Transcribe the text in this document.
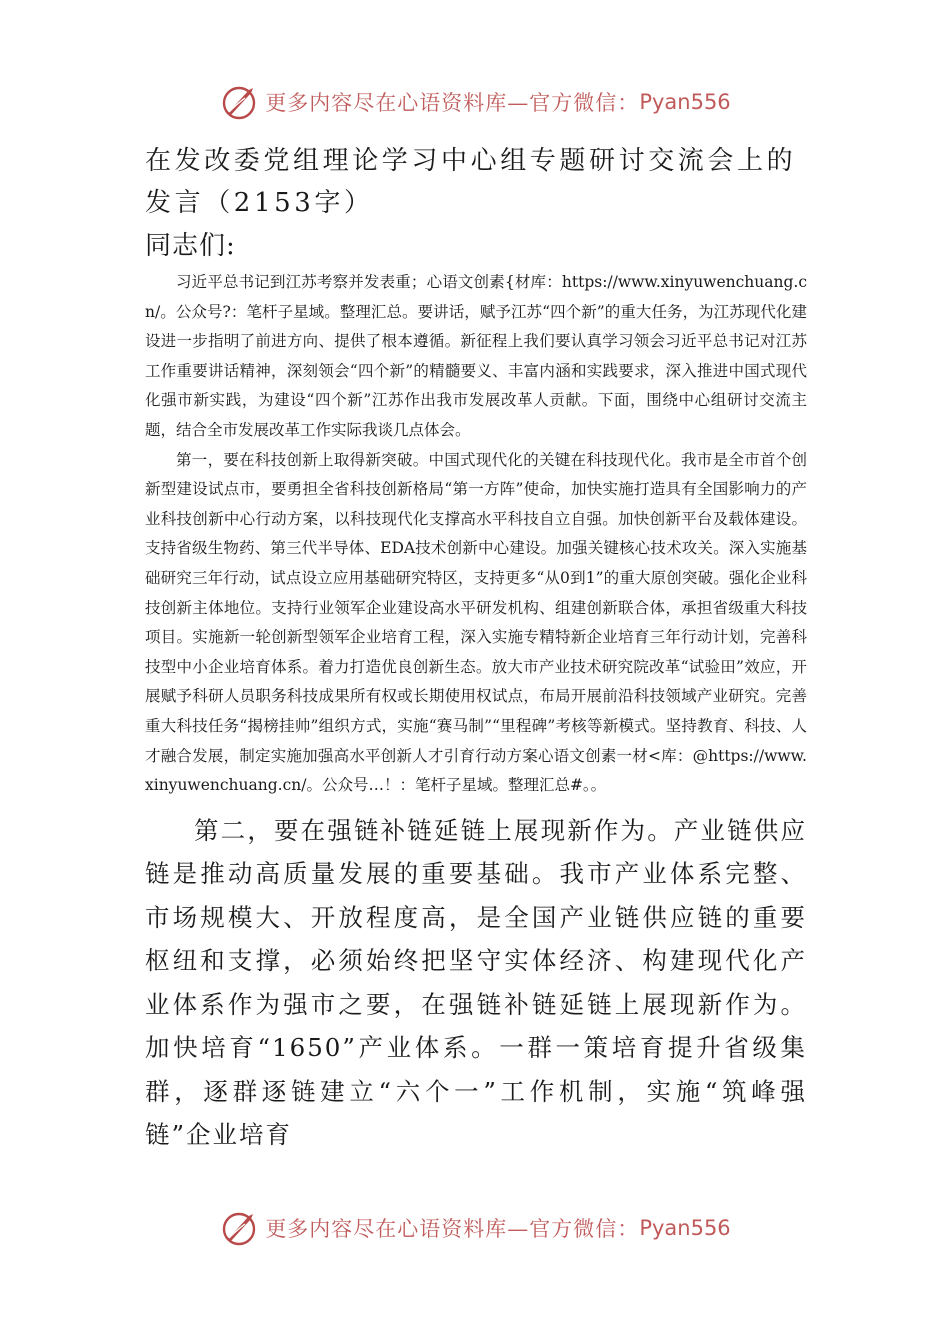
更多内容尽在心语资料库—官方微信： Pyan556
在发改委党组理论学习中心组专题研讨交流会上的发言（2153字）

同志们:

习近平总书记到江苏考察并发表重；心语文创素{材库：https://www.xinyuwenchuang.cn/。公众号?：笔杆子星域。整理汇总。要讲话，赋予江苏“四个新”的重大任务，为江苏现代化建设进一步指明了前进方向、提供了根本遵循。新征程上我们要认真学习领会习近平总书记对江苏工作重要讲话精神，深刻领会“四个新”的精髓要义、丰富内涵和实践要求，深入推进中国式现代化强市新实践，为建设“四个新”江苏作出我市发展改革人贡献。下面，围绕中心组研讨交流主题，结合全市发展改革工作实际我谈几点体会。

第一，要在科技创新上取得新突破。中国式现代化的关键在科技现代化。我市是全市首个创新型建设试点市，要勇担全省科技创新格局“第一方阵”使命，加快实施打造具有全国影响力的产业科技创新中心行动方案，以科技现代化支撑高水平科技自立自强。加快创新平台及载体建设。支持省级生物药、第三代半导体、EDA技术创新中心建设。加强关键核心技术攻关。深入实施基础研究三年行动，试点设立应用基础研究特区，支持更多“从0到1”的重大原创突破。强化企业科技创新主体地位。支持行业领军企业建设高水平研发机构、组建创新联合体，承担省级重大科技项目。实施新一轮创新型领军企业培育工程，深入实施专精特新企业培育三年行动计划，完善科技型中小企业培育体系。着力打造优良创新生态。放大市产业技术研究院改革“试验田”效应，开展赋予科研人员职务科技成果所有权或长期使用权试点，布局开展前沿科技领域产业研究。完善重大科技任务“揭榜挂帅”组织方式，实施“赛马制”“里程碑”考核等新模式。坚持教育、科技、人才融合发展，制定实施加强高水平创新人才引育行动方案心语文创素一材<库：@https://www.xinyuwenchuang.cn/。公众号…！：笔杆子星域。整理汇总#。。

第二，要在强链补链延链上展现新作为。产业链供应链是推动高质量发展的重要基础。我市产业体系完整、市场规模大、开放程度高，是全国产业链供应链的重要枢纽和支撑，必须始终把坚守实体经济、构建现代化产业体系作为强市之要，在强链补链延链上展现新作为。加快培育“1650”产业体系。一群一策培育提升省级集群，逐群逐链建立“六个一”工作机制，实施“筑峰强链”企业培育

更多内容尽在心语资料库—官方微信： Pyan556
